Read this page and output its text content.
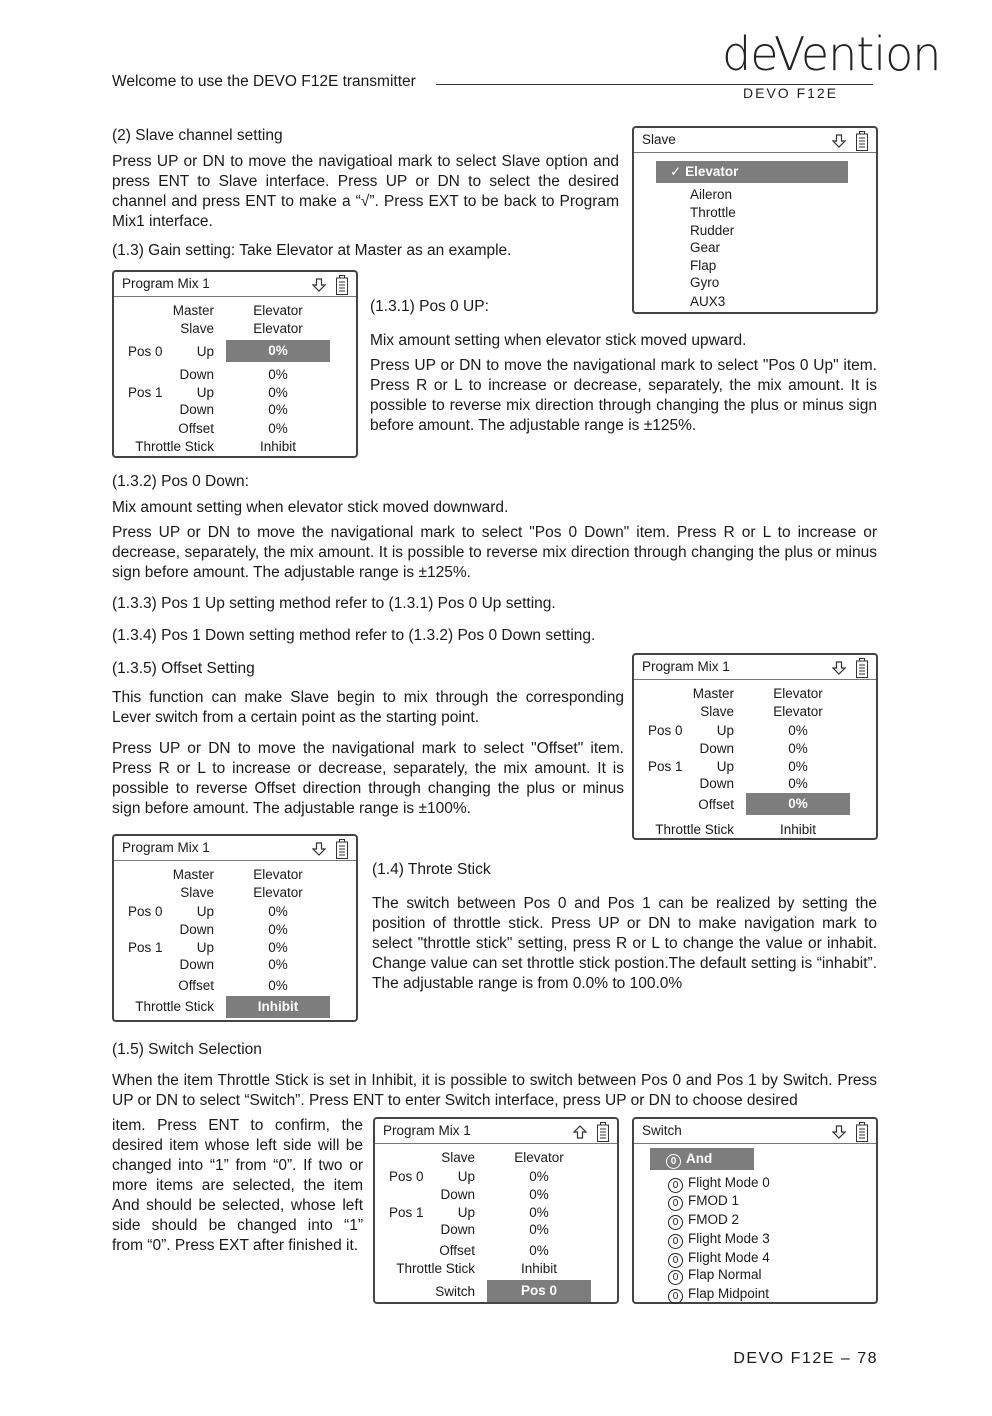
Welcome to use the DEVO F12E transmitter
deVention
DEVO F12E
(2) Slave channel setting
Press UP or DN to move the navigatioal mark to select Slave option and press ENT to Slave interface. Press UP or DN to select the desired channel and press ENT to make a “√”. Press EXT to be back to Program Mix1 interface.
(1.3) Gain setting: Take Elevator at Master as an example.
Slave
✓ Elevator
Aileron
Throttle
Rudder
Gear
Flap
Gyro
AUX3
Program Mix 1
Master	Elevator
Slave	Elevator
Pos 0	Up	0%
Down	0%
Pos 1	Up	0%
Down	0%
Offset	0%
Throttle Stick	Inhibit
(1.3.1) Pos 0 UP:
Mix amount setting when elevator stick moved upward.
Press UP or DN to move the navigational mark to select "Pos 0 Up" item. Press R or L to increase or decrease, separately, the mix amount. It is possible to reverse mix direction through changing the plus or minus sign before amount. The adjustable range is ±125%.
(1.3.2) Pos 0 Down:
Mix amount setting when elevator stick moved downward.
Press UP or DN to move the navigational mark to select "Pos 0 Down" item. Press R or L to increase or decrease, separately, the mix amount. It is possible to reverse mix direction through changing the plus or minus sign before amount. The adjustable range is ±125%.
(1.3.3) Pos 1 Up setting method refer to (1.3.1) Pos 0 Up setting.
(1.3.4) Pos 1 Down setting method refer to (1.3.2) Pos 0 Down setting.
(1.3.5) Offset Setting
This function can make Slave begin to mix through the corresponding Lever switch from a certain point as the starting point.
Press UP or DN to move the navigational mark to select "Offset" item. Press R or L to increase or decrease, separately, the mix amount. It is possible to reverse Offset direction through changing the plus or minus sign before amount. The adjustable range is ±100%.
Program Mix 1
Master	Elevator
Slave	Elevator
Pos 0	Up	0%
Down	0%
Pos 1	Up	0%
Down	0%
Offset	0%
Throttle Stick	Inhibit
Program Mix 1
Master	Elevator
Slave	Elevator
Pos 0	Up	0%
Down	0%
Pos 1	Up	0%
Down	0%
Offset	0%
Throttle Stick	Inhibit
(1.4) Throte Stick
The switch between Pos 0 and Pos 1 can be realized by setting the position of throttle stick. Press UP or DN to make navigation mark to select "throttle stick" setting, press R or L to change the value or inhabit. Change value can set throttle stick postion.The default setting is “inhabit”. The adjustable range is from 0.0% to 100.0%
(1.5) Switch Selection
When the item Throttle Stick is set in Inhibit, it is possible to switch between Pos 0 and Pos 1 by Switch. Press UP or DN to select “Switch”. Press ENT to enter Switch interface, press UP or DN to choose desired
item. Press ENT to confirm, the desired item whose left side will be changed into “1” from “0”. If two or more items are selected, the item And should be selected, whose left side should be changed into “1” from “0”. Press EXT after finished it.
Program Mix 1
Slave	Elevator
Pos 0	Up	0%
Down	0%
Pos 1	Up	0%
Down	0%
Offset	0%
Throttle Stick	Inhibit
Switch	Pos 0
Switch
0 And
0 Flight Mode 0
0 FMOD 1
0 FMOD 2
0 Flight Mode 3
0 Flight Mode 4
0 Flap Normal
0 Flap Midpoint
DEVO F12E – 78
